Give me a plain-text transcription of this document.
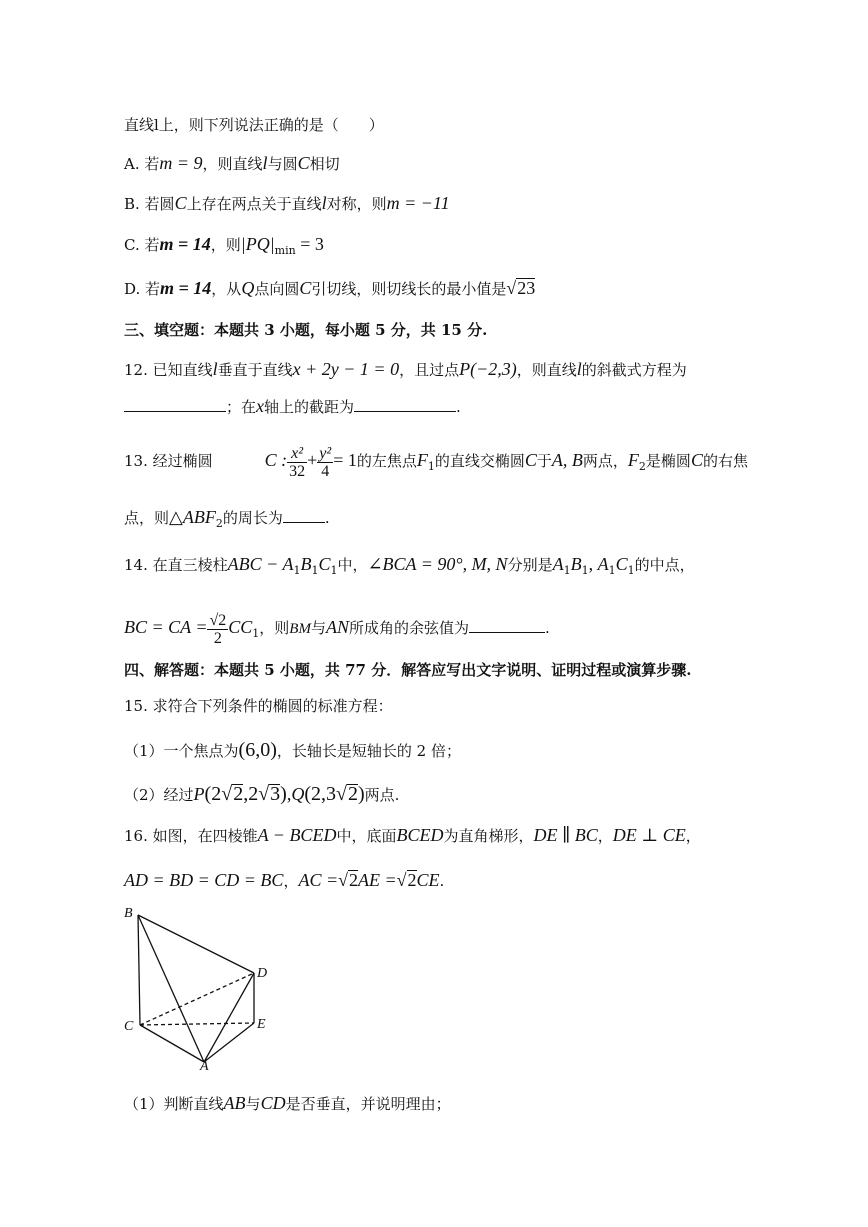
直线l上，则下列说法正确的是（　　）
A. 若m = 9，则直线l与圆C相切
B. 若圆C上存在两点关于直线l对称，则m = −11
C. 若m = 14，则$|PQ|_{min} = 3$
D. 若m = 14，从Q点向圆C引切线，则切线长的最小值是√23
三、填空题：本题共 3 小题，每小题 5 分，共 15 分.
12. 已知直线l垂直于直线x + 2y − 1 = 0，且过点P(−2,3)，则直线l的斜截式方程为
；在x轴上的截距为	.
13. 经过椭圆	C : $\frac{\text{x²}}{32} + \frac{\text{y²}}{4} = 1$的左焦点$F_1$的直线交椭圆C于A, B两点，$F_2$是椭圆C的右焦
点，则$\triangle ABF_2$的周长为	.
14. 在直三棱柱ABC − $A_1B_1C_1$中，∠BCA = 90°, M, N分别是$A_1B_1$, $A_1C_1$的中点，
BC = CA = $\frac{√2}{2} CC_1$，则BM与AN所成角的余弦值为	.
四、解答题：本题共 5 小题，共 77 分．解答应写出文字说明、证明过程或演算步骤.
15. 求符合下列条件的椭圆的标准方程：
（1）一个焦点为(6,0)，长轴长是短轴长的 2 倍；
（2）经过P(2√2,2√3),Q(2,3√2)两点.
16. 如图，在四棱锥A − BCED中，底面BCED为直角梯形，DE ∥ BC，DE ⊥ CE，
AD = BD = CD = BC，AC =√2AE =√2CE.
B
D
C	E
A
（1）判断直线AB与CD是否垂直，并说明理由；
